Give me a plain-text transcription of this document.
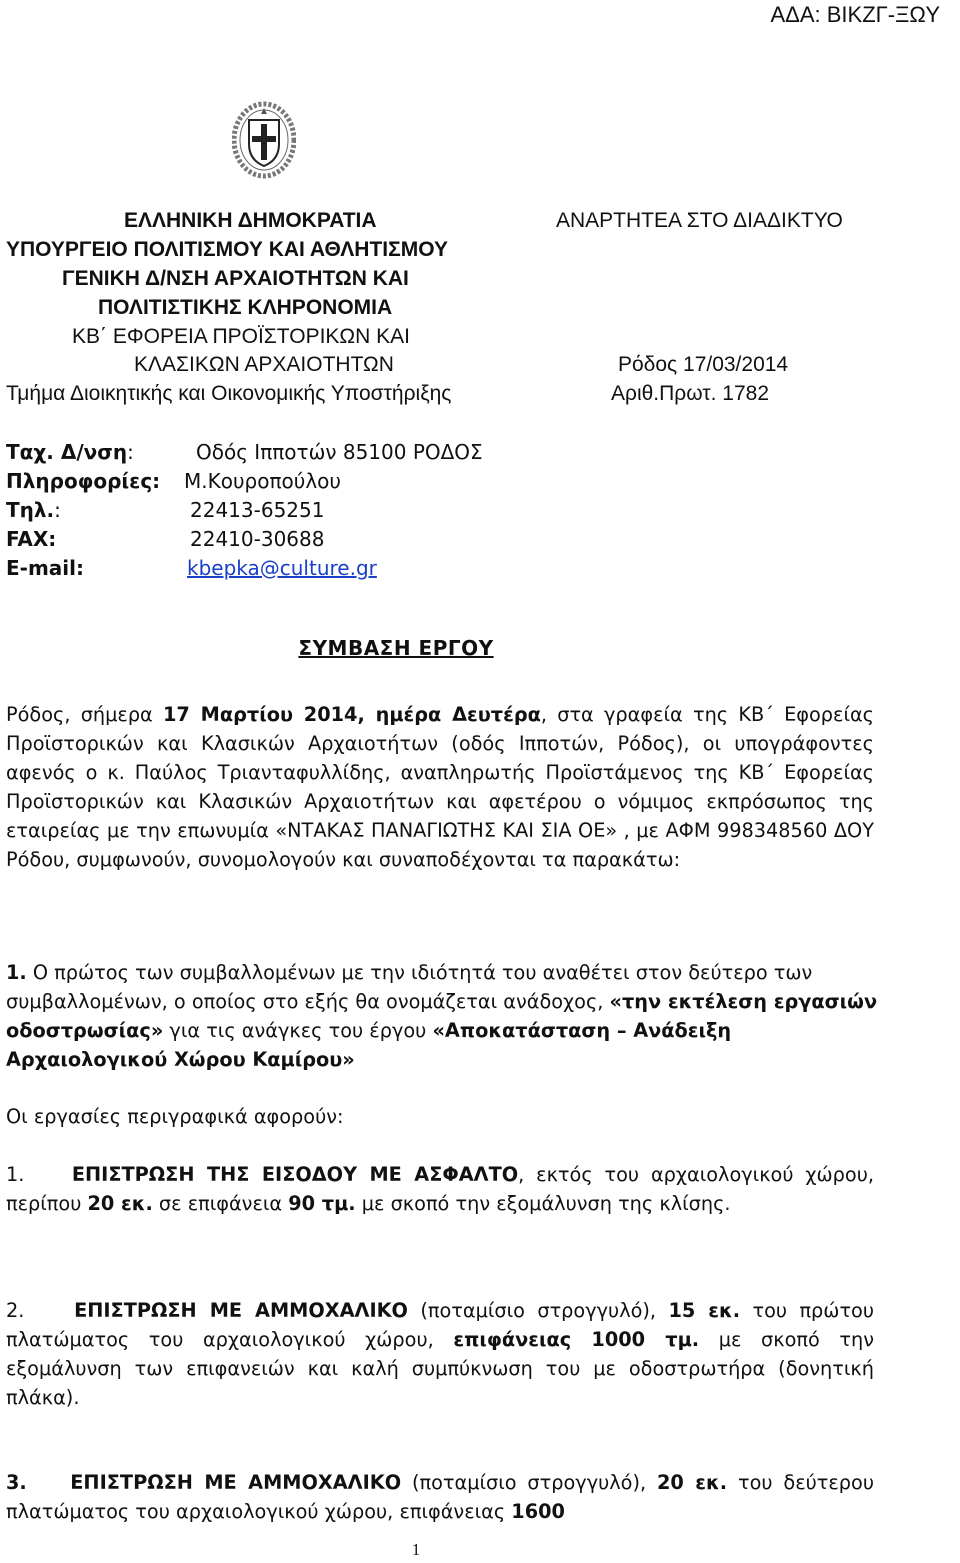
ΑΔΑ: ΒΙΚΖΓ-ΞΩΥ
ΕΛΛΗΝΙΚΗ ΔΗΜΟΚΡΑΤΙΑ	ΑΝΑΡΤΗΤΕΑ ΣΤΟ ΔΙΑΔΙΚΤΥΟ
ΥΠΟΥΡΓΕΙΟ ΠΟΛΙΤΙΣΜΟΥ ΚΑΙ ΑΘΛΗΤΙΣΜΟΥ
ΓΕΝΙΚΗ Δ/ΝΣΗ ΑΡΧΑΙΟΤΗΤΩΝ ΚΑΙ
ΠΟΛΙΤΙΣΤΙΚΗΣ ΚΛΗΡΟΝΟΜΙΑ
ΚΒ΄ ΕΦΟΡΕΙΑ ΠΡΟΪΣΤΟΡΙΚΩΝ ΚΑΙ
ΚΛΑΣΙΚΩΝ ΑΡΧΑΙΟΤΗΤΩΝ	Ρόδος 17/03/2014
Τμήμα Διοικητικής και Οικονομικής Υποστήριξης	Αριθ.Πρωτ. 1782
Ταχ. Δ/νση:	Οδός Ιπποτών 85100 ΡΟΔΟΣ
Πληροφορίες: Μ.Κουροπούλου
Τηλ.:	22413-65251
FAX:	22410-30688
E-mail:	kbepka@culture.gr
ΣΥΜΒΑΣΗ ΕΡΓΟΥ
Ρόδος, σήμερα 17 Μαρτίου 2014, ημέρα Δευτέρα, στα γραφεία της ΚΒ΄ Εφορείας Προϊστορικών και Κλασικών Αρχαιοτήτων (οδός Ιπποτών, Ρόδος), οι υπογράφοντες αφενός ο κ. Παύλος Τριανταφυλλίδης, αναπληρωτής Προϊστάμενος της ΚΒ΄ Εφορείας Προϊστορικών και Κλασικών Αρχαιοτήτων και αφετέρου ο νόμιμος εκπρόσωπος της εταιρείας με την επωνυμία «ΝΤΑΚΑΣ ΠΑΝΑΓΙΩΤΗΣ ΚΑΙ ΣΙΑ ΟΕ» , με ΑΦΜ 998348560 ΔΟΥ Ρόδου, συμφωνούν, συνομολογούν και συναποδέχονται τα παρακάτω:
1. Ο πρώτος των συμβαλλομένων με την ιδιότητά του αναθέτει στον δεύτερο των συμβαλλομένων, ο οποίος στο εξής θα ονομάζεται ανάδοχος, «την εκτέλεση εργασιών οδοστρωσίας» για τις ανάγκες του έργου «Αποκατάσταση – Ανάδειξη Αρχαιολογικού Χώρου Καμίρου»
Οι εργασίες περιγραφικά αφορούν:
1. ΕΠΙΣΤΡΩΣΗ ΤΗΣ ΕΙΣΟΔΟΥ ΜΕ ΑΣΦΑΛΤΟ, εκτός του αρχαιολογικού χώρου, περίπου 20 εκ. σε επιφάνεια 90 τμ. με σκοπό την εξομάλυνση της κλίσης.
2.	ΕΠΙΣΤΡΩΣΗ ΜΕ ΑΜΜΟΧΑΛΙΚΟ (ποταμίσιο στρογγυλό), 15 εκ. του πρώτου πλατώματος του αρχαιολογικού χώρου, επιφάνειας 1000 τμ. με σκοπό την εξομάλυνση των επιφανειών και καλή συμπύκνωση του με οδοστρωτήρα (δονητική πλάκα).
3. ΕΠΙΣΤΡΩΣΗ ΜΕ ΑΜΜΟΧΑΛΙΚΟ (ποταμίσιο στρογγυλό), 20 εκ. του δεύτερου πλατώματος του αρχαιολογικού χώρου, επιφάνειας 1600
1
